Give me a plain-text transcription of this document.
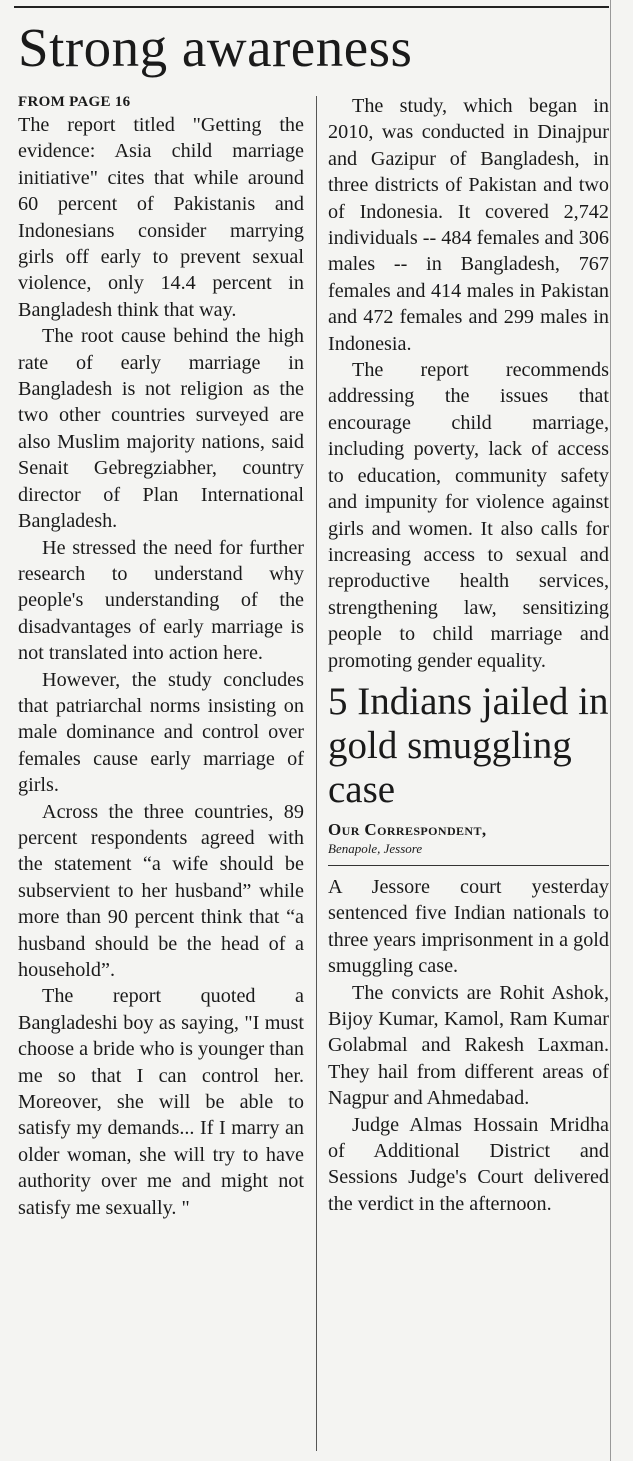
Strong awareness
FROM PAGE 16

The report titled "Getting the evidence: Asia child marriage initiative" cites that while around 60 percent of Pakistanis and Indonesians consider marrying girls off early to prevent sexual violence, only 14.4 percent in Bangladesh think that way.

The root cause behind the high rate of early marriage in Bangladesh is not religion as the two other countries surveyed are also Muslim majority nations, said Senait Gebregziabher, country director of Plan International Bangladesh.

He stressed the need for further research to understand why people's understanding of the disadvantages of early marriage is not translated into action here.

However, the study concludes that patriarchal norms insisting on male dominance and control over females cause early marriage of girls.

Across the three countries, 89 percent respondents agreed with the statement “a wife should be subservient to her husband” while more than 90 percent think that “a husband should be the head of a household”.

The report quoted a Bangladeshi boy as saying, "I must choose a bride who is younger than me so that I can control her. Moreover, she will be able to satisfy my demands... If I marry an older woman, she will try to have authority over me and might not satisfy me sexually. "

The study, which began in 2010, was conducted in Dinajpur and Gazipur of Bangladesh, in three districts of Pakistan and two of Indonesia. It covered 2,742 individuals -- 484 females and 306 males -- in Bangladesh, 767 females and 414 males in Pakistan and 472 females and 299 males in Indonesia.

The report recommends addressing the issues that encourage child marriage, including poverty, lack of access to education, community safety and impunity for violence against girls and women. It also calls for increasing access to sexual and reproductive health services, strengthening law, sensitizing people to child marriage and promoting gender equality.

5 Indians jailed in gold smuggling case
Our Correspondent,
Benapole, Jessore

A Jessore court yesterday sentenced five Indian nationals to three years imprisonment in a gold smuggling case.

The convicts are Rohit Ashok, Bijoy Kumar, Kamol, Ram Kumar Golabmal and Rakesh Laxman. They hail from different areas of Nagpur and Ahmedabad.

Judge Almas Hossain Mridha of Additional District and Sessions Judge's Court delivered the verdict in the afternoon.
